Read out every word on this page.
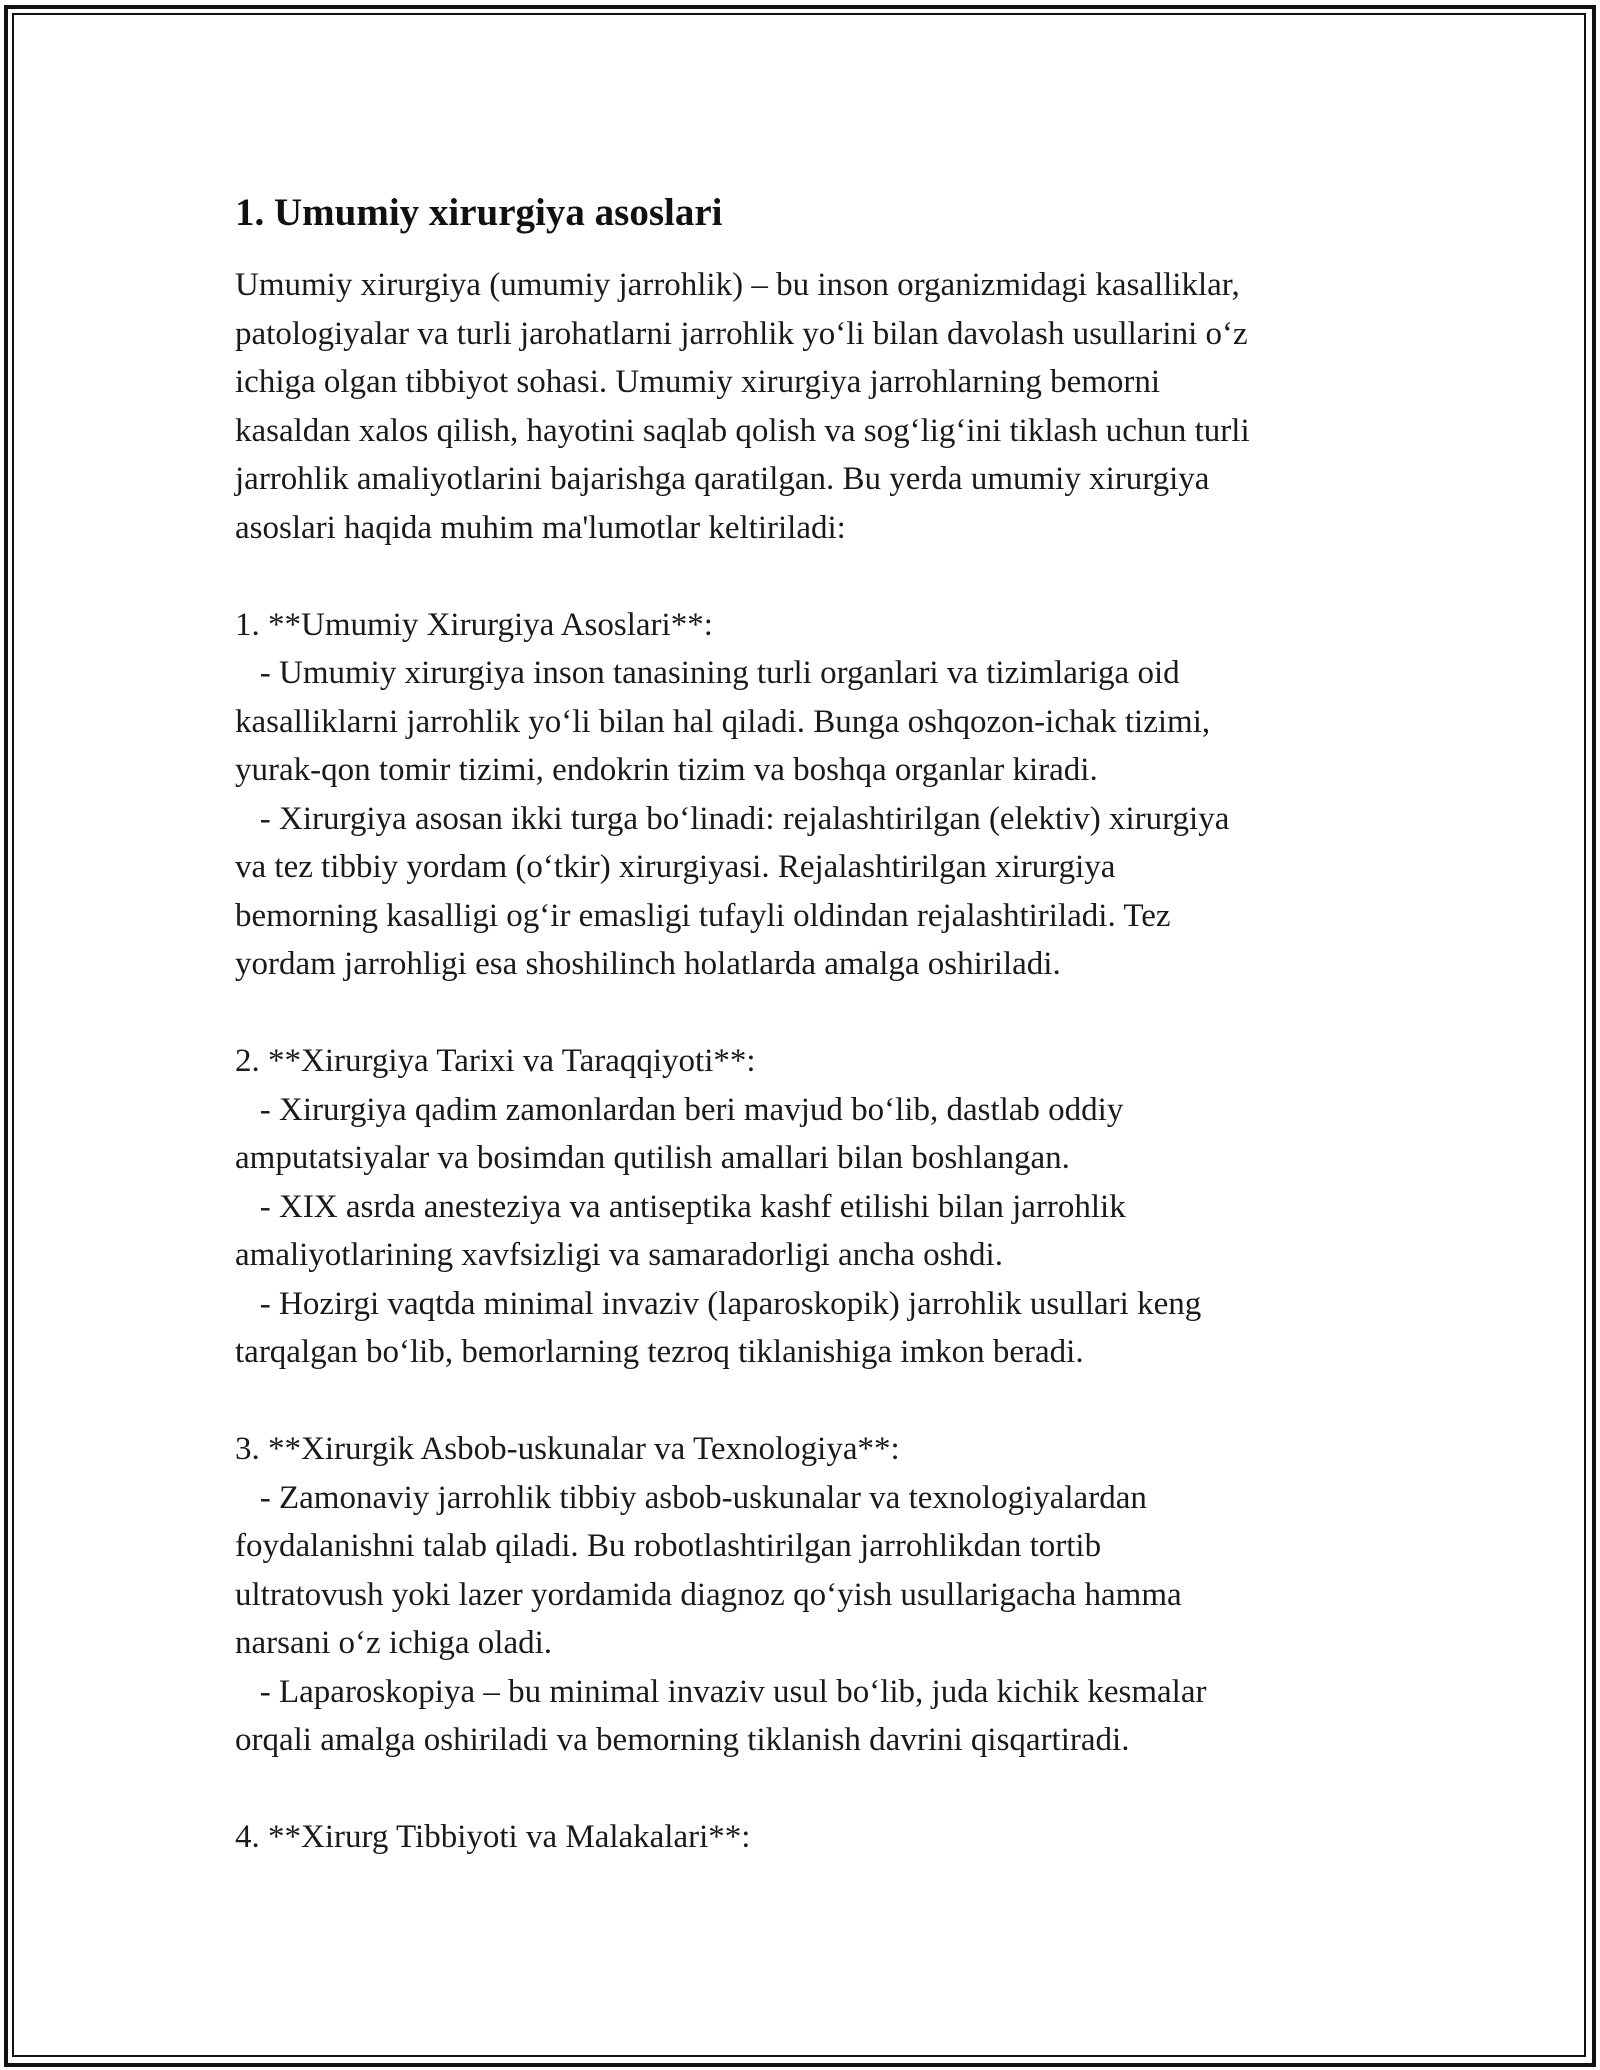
1. Umumiy xirurgiya asoslari
Umumiy xirurgiya (umumiy jarrohlik) – bu inson organizmidagi kasalliklar,
patologiyalar va turli jarohatlarni jarrohlik yo‘li bilan davolash usullarini o‘z
ichiga olgan tibbiyot sohasi. Umumiy xirurgiya jarrohlarning bemorni
kasaldan xalos qilish, hayotini saqlab qolish va sog‘lig‘ini tiklash uchun turli
jarrohlik amaliyotlarini bajarishga qaratilgan. Bu yerda umumiy xirurgiya
asoslari haqida muhim ma'lumotlar keltiriladi:
1. **Umumiy Xirurgiya Asoslari**:
- Umumiy xirurgiya inson tanasining turli organlari va tizimlariga oid
kasalliklarni jarrohlik yo‘li bilan hal qiladi. Bunga oshqozon-ichak tizimi,
yurak-qon tomir tizimi, endokrin tizim va boshqa organlar kiradi.
- Xirurgiya asosan ikki turga bo‘linadi: rejalashtirilgan (elektiv) xirurgiya
va tez tibbiy yordam (o‘tkir) xirurgiyasi. Rejalashtirilgan xirurgiya
bemorning kasalligi og‘ir emasligi tufayli oldindan rejalashtiriladi. Tez
yordam jarrohligi esa shoshilinch holatlarda amalga oshiriladi.
2. **Xirurgiya Tarixi va Taraqqiyoti**:
- Xirurgiya qadim zamonlardan beri mavjud bo‘lib, dastlab oddiy
amputatsiyalar va bosimdan qutilish amallari bilan boshlangan.
- XIX asrda anesteziya va antiseptika kashf etilishi bilan jarrohlik
amaliyotlarining xavfsizligi va samaradorligi ancha oshdi.
- Hozirgi vaqtda minimal invaziv (laparoskopik) jarrohlik usullari keng
tarqalgan bo‘lib, bemorlarning tezroq tiklanishiga imkon beradi.
3. **Xirurgik Asbob-uskunalar va Texnologiya**:
- Zamonaviy jarrohlik tibbiy asbob-uskunalar va texnologiyalardan
foydalanishni talab qiladi. Bu robotlashtirilgan jarrohlikdan tortib
ultratovush yoki lazer yordamida diagnoz qo‘yish usullarigacha hamma
narsani o‘z ichiga oladi.
- Laparoskopiya – bu minimal invaziv usul bo‘lib, juda kichik kesmalar
orqali amalga oshiriladi va bemorning tiklanish davrini qisqartiradi.
4. **Xirurg Tibbiyoti va Malakalari**:
